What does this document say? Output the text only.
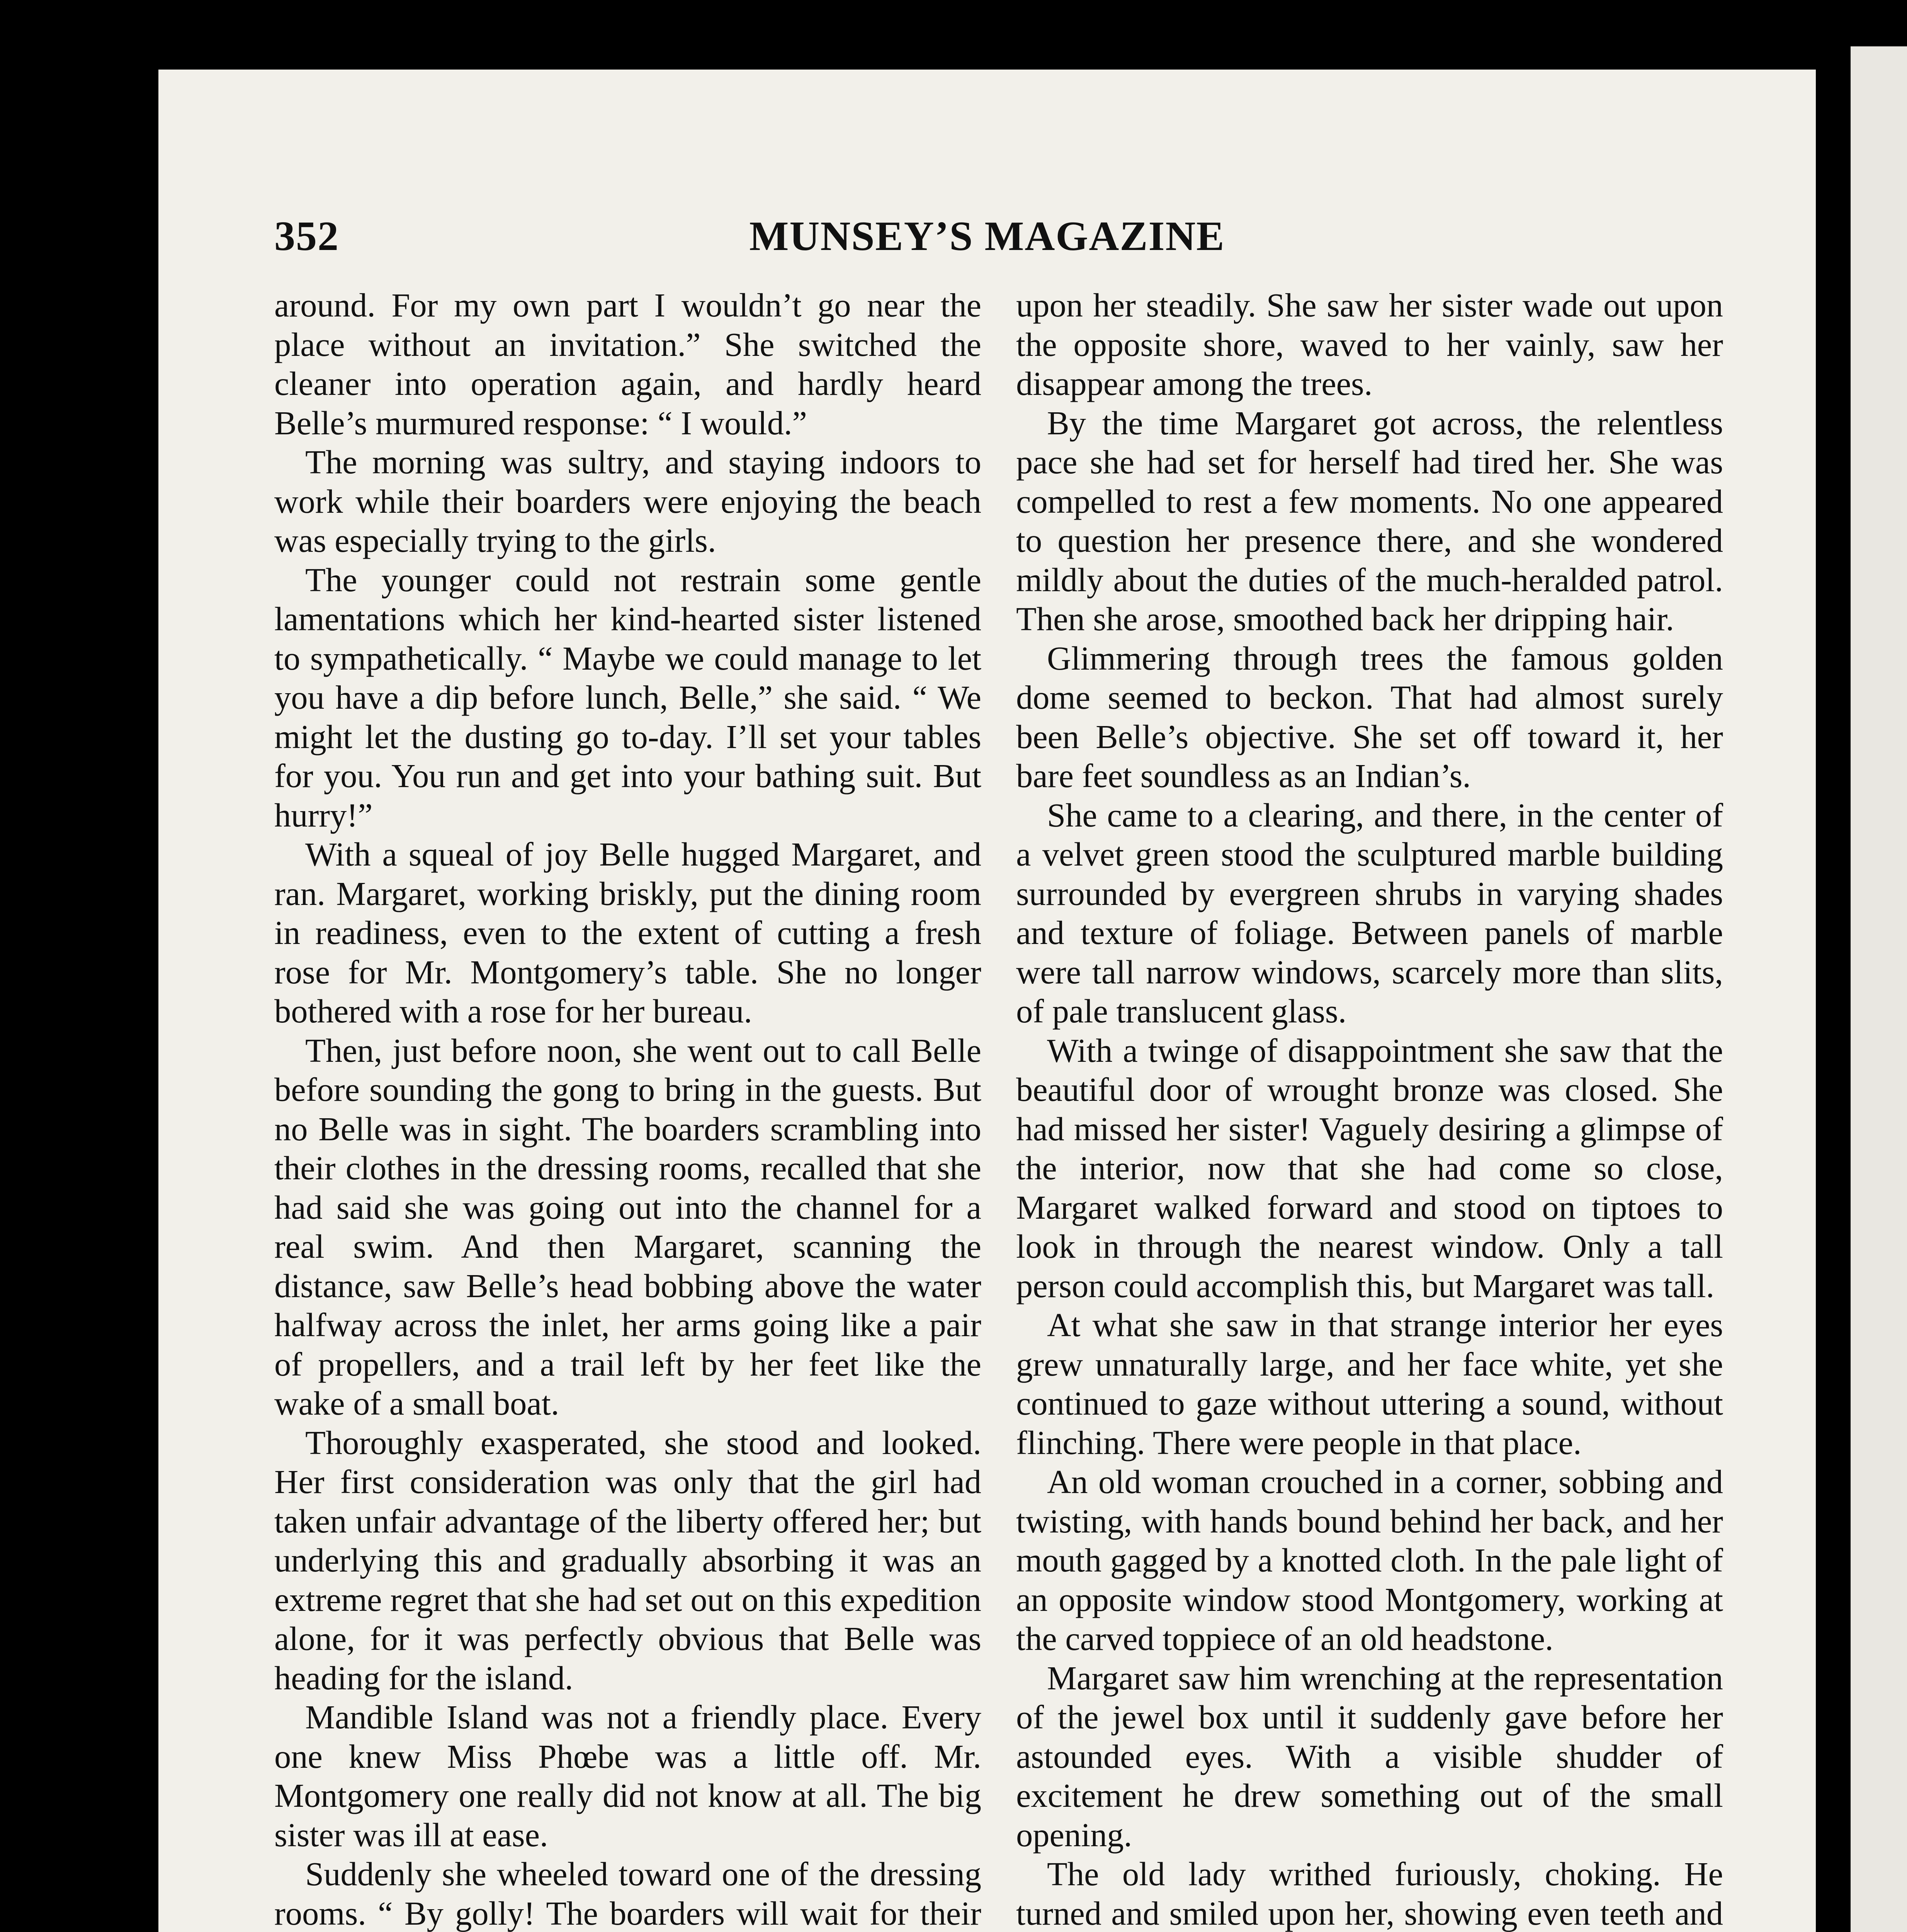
352	MUNSEY’S MAGAZINE

around. For my own part I wouldn’t go near the place without an invitation.” She switched the cleaner into operation again, and hardly heard Belle’s murmured response: “ I would.”

The morning was sultry, and staying indoors to work while their boarders were enjoying the beach was especially trying to the girls.

The younger could not restrain some gentle lamentations which her kind-hearted sister listened to sympathetically. “ Maybe we could manage to let you have a dip before lunch, Belle,” she said. “ We might let the dusting go to-day. I’ll set your tables for you. You run and get into your bathing suit. But hurry!”

With a squeal of joy Belle hugged Margaret, and ran. Margaret, working briskly, put the dining room in readiness, even to the extent of cutting a fresh rose for Mr. Montgomery’s table. She no longer bothered with a rose for her bureau.

Then, just before noon, she went out to call Belle before sounding the gong to bring in the guests. But no Belle was in sight. The boarders scrambling into their clothes in the dressing rooms, recalled that she had said she was going out into the channel for a real swim. And then Margaret, scanning the distance, saw Belle’s head bobbing above the water halfway across the inlet, her arms going like a pair of propellers, and a trail left by her feet like the wake of a small boat.

Thoroughly exasperated, she stood and looked. Her first consideration was only that the girl had taken unfair advantage of the liberty offered her; but underlying this and gradually absorbing it was an extreme regret that she had set out on this expedition alone, for it was perfectly obvious that Belle was heading for the island.

Mandible Island was not a friendly place. Every one knew Miss Phœbe was a little off. Mr. Montgomery one really did not know at all. The big sister was ill at ease.

Suddenly she wheeled toward one of the dressing rooms. “ By golly! The boarders will wait for their

upon her steadily. She saw her sister wade out upon the opposite shore, waved to her vainly, saw her disappear among the trees.

By the time Margaret got across, the relentless pace she had set for herself had tired her. She was compelled to rest a few moments. No one appeared to question her presence there, and she wondered mildly about the duties of the much-heralded patrol. Then she arose, smoothed back her dripping hair.

Glimmering through trees the famous golden dome seemed to beckon. That had almost surely been Belle’s objective. She set off toward it, her bare feet soundless as an Indian’s.

She came to a clearing, and there, in the center of a velvet green stood the sculptured marble building surrounded by evergreen shrubs in varying shades and texture of foliage. Between panels of marble were tall narrow windows, scarcely more than slits, of pale translucent glass.

With a twinge of disappointment she saw that the beautiful door of wrought bronze was closed. She had missed her sister! Vaguely desiring a glimpse of the interior, now that she had come so close, Margaret walked forward and stood on tiptoes to look in through the nearest window. Only a tall person could accomplish this, but Margaret was tall.

At what she saw in that strange interior her eyes grew unnaturally large, and her face white, yet she continued to gaze without uttering a sound, without flinching. There were people in that place.

An old woman crouched in a corner, sobbing and twisting, with hands bound behind her back, and her mouth gagged by a knotted cloth. In the pale light of an opposite window stood Montgomery, working at the carved toppiece of an old headstone.

Margaret saw him wrenching at the representation of the jewel box until it suddenly gave before her astounded eyes. With a visible shudder of excitement he drew something out of the small opening.

The old lady writhed furiously, choking. He turned and smiled upon her, showing even teeth and
